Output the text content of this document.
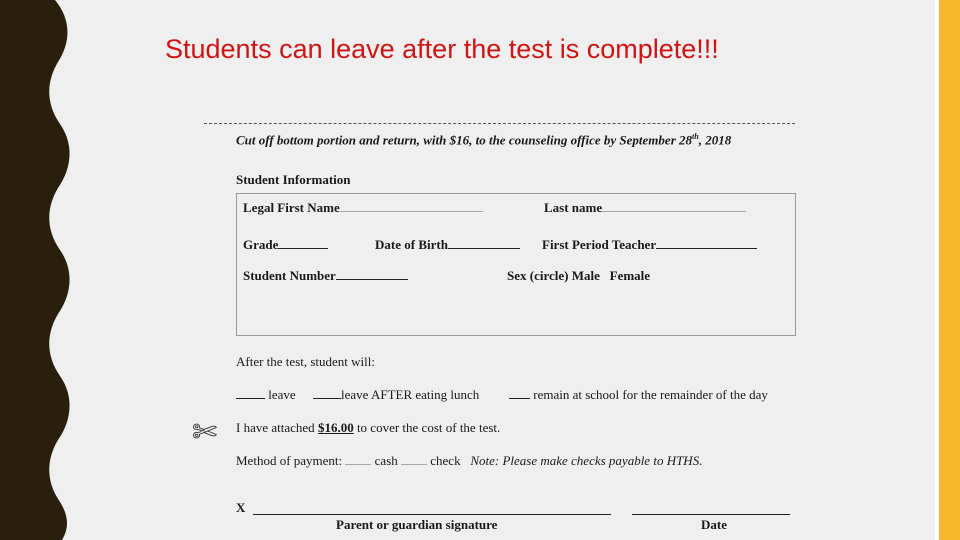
Students can leave after the test is complete!!!
Cut off bottom portion and return, with $16, to the counseling office by September 28th, 2018
Student Information
Legal First Name	Last name
Grade	Date of Birth	First Period Teacher
Student Number	Sex (circle) Male Female
After the test, student will:
leave	leave AFTER eating lunch	remain at school for the remainder of the day
✄ I have attached $16.00 to cover the cost of the test.
Method of payment:	cash	check Note: Please make checks payable to HTHS.
X
Parent or guardian signature	Date
